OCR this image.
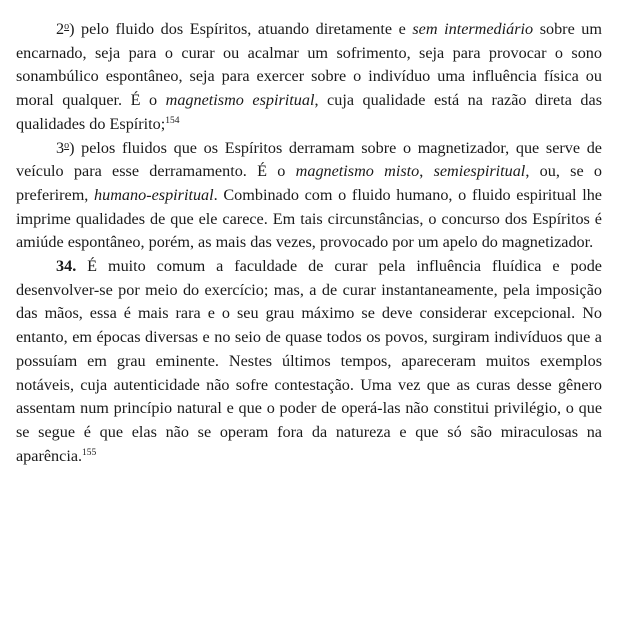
2$^o$) pelo fluido dos Espíritos, atuando diretamente e sem intermediário sobre um encarnado, seja para o curar ou acalmar um sofrimento, seja para provocar o sono sonambúlico espontâneo, seja para exercer sobre o indivíduo uma influência física ou moral qualquer. É o magnetismo espiritual, cuja qualidade está na razão direta das qualidades do Espírito;$^{154}$

3$^o$) pelos fluidos que os Espíritos derramam sobre o magnetizador, que serve de veículo para esse derramamento. É o magnetismo misto, semiespiritual, ou, se o preferirem, humano-espiritual. Combinado com o fluido humano, o fluido espiritual lhe imprime qualidades de que ele carece. Em tais circunstâncias, o concurso dos Espíritos é amiúde espontâneo, porém, as mais das vezes, provocado por um apelo do magnetizador.

34. É muito comum a faculdade de curar pela influência fluídica e pode desenvolver-se por meio do exercício; mas, a de curar instantaneamente, pela imposição das mãos, essa é mais rara e o seu grau máximo se deve considerar excepcional. No entanto, em épocas diversas e no seio de quase todos os povos, surgiram indivíduos que a possuíam em grau eminente. Nestes últimos tempos, apareceram muitos exemplos notáveis, cuja autenticidade não sofre contestação. Uma vez que as curas desse gênero assentam num princípio natural e que o poder de operá-las não constitui privilégio, o que se segue é que elas não se operam fora da natureza e que só são miraculosas na aparência.$^{155}$
